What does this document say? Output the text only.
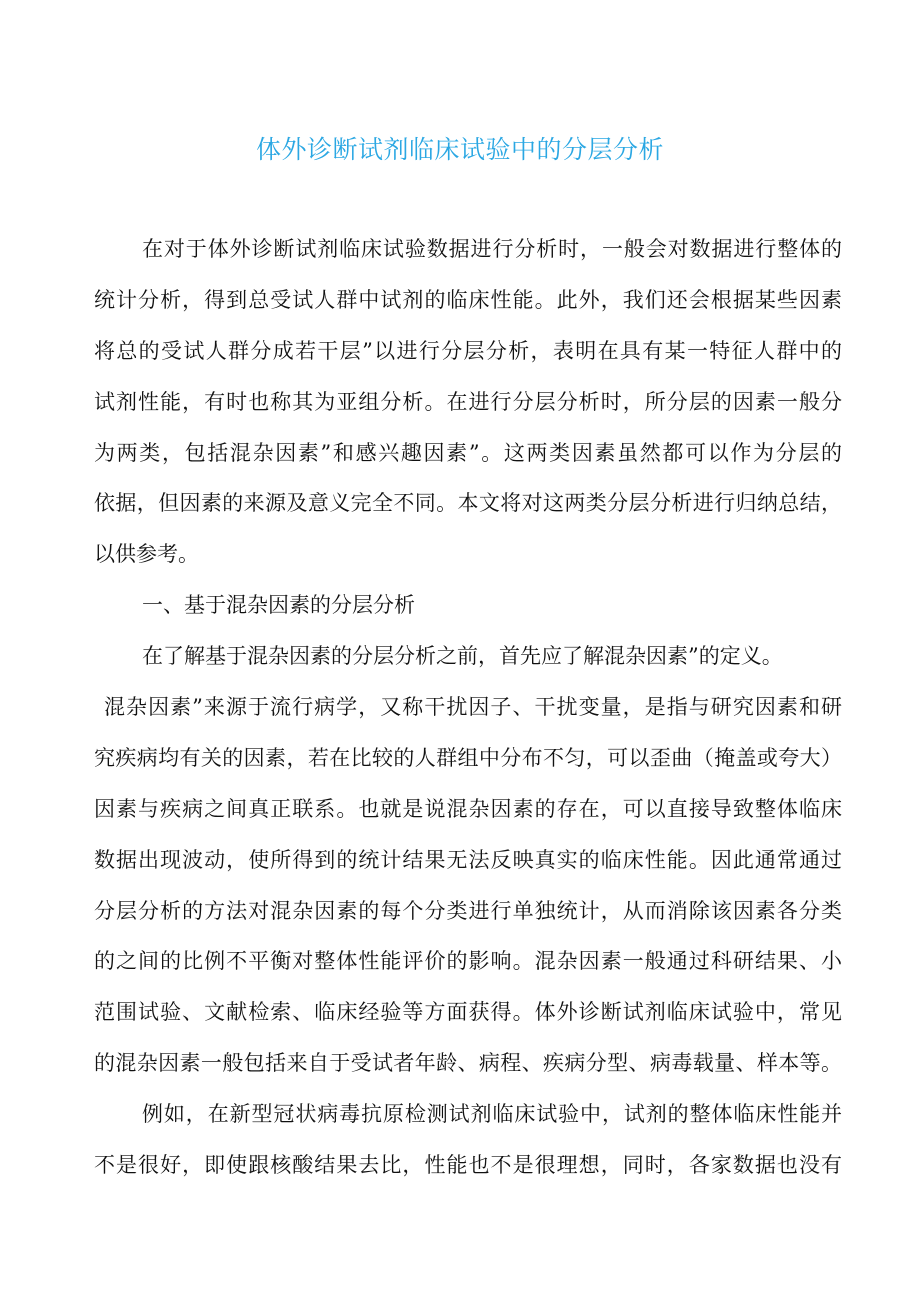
体外诊断试剂临床试验中的分层分析
在对于体外诊断试剂临床试验数据进行分析时，一般会对数据进行整体的
统计分析，得到总受试人群中试剂的临床性能。此外，我们还会根据某些因素
将总的受试人群分成若干层”以进行分层分析，表明在具有某一特征人群中的
试剂性能，有时也称其为亚组分析。在进行分层分析时，所分层的因素一般分
为两类，包括混杂因素”和感兴趣因素”。这两类因素虽然都可以作为分层的
依据，但因素的来源及意义完全不同。本文将对这两类分层分析进行归纳总结，
以供参考。
一、基于混杂因素的分层分析
在了解基于混杂因素的分层分析之前，首先应了解混杂因素”的定义。
混杂因素”来源于流行病学，又称干扰因子、干扰变量，是指与研究因素和研
究疾病均有关的因素，若在比较的人群组中分布不匀，可以歪曲（掩盖或夸大）
因素与疾病之间真正联系。也就是说混杂因素的存在，可以直接导致整体临床
数据出现波动，使所得到的统计结果无法反映真实的临床性能。因此通常通过
分层分析的方法对混杂因素的每个分类进行单独统计，从而消除该因素各分类
的之间的比例不平衡对整体性能评价的影响。混杂因素一般通过科研结果、小
范围试验、文献检索、临床经验等方面获得。体外诊断试剂临床试验中，常见
的混杂因素一般包括来自于受试者年龄、病程、疾病分型、病毒载量、样本等。
例如，在新型冠状病毒抗原检测试剂临床试验中，试剂的整体临床性能并
不是很好，即使跟核酸结果去比，性能也不是很理想，同时，各家数据也没有
